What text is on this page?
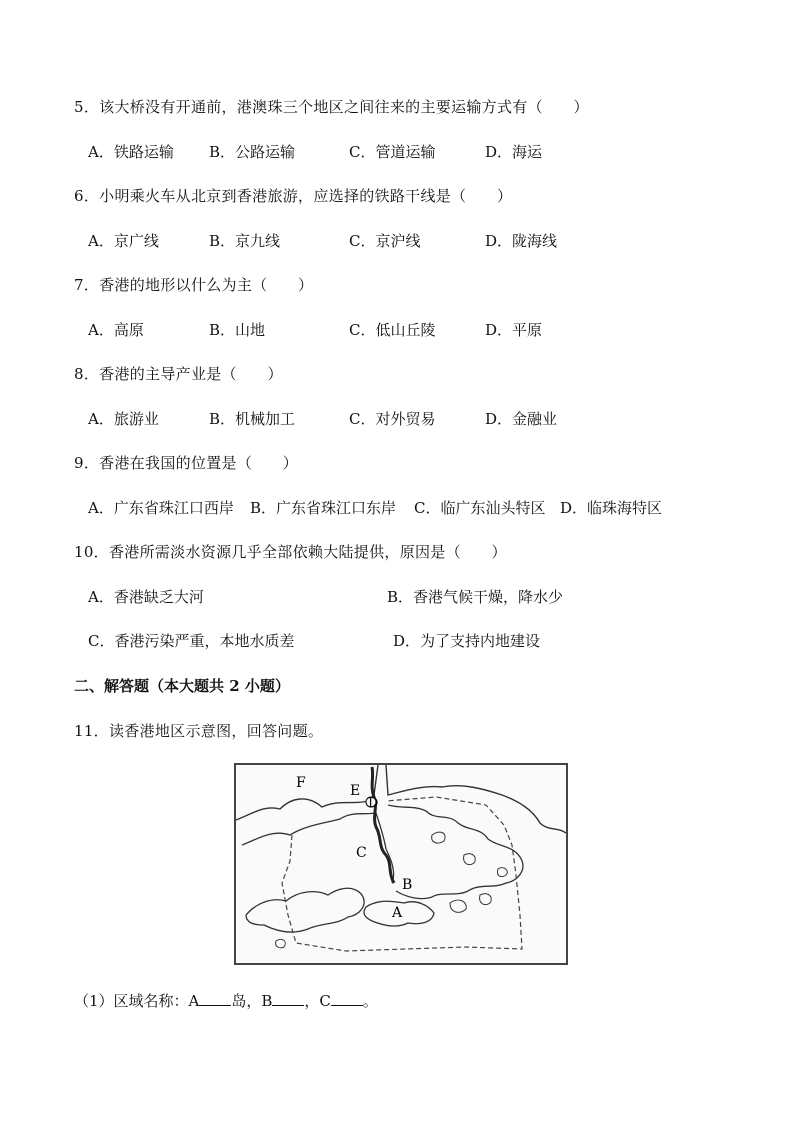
5．该大桥没有开通前，港澳珠三个地区之间往来的主要运输方式有（　　）
A．铁路运输 B．公路运输	C．管道运输	D．海运
6．小明乘火车从北京到香港旅游，应选择的铁路干线是（　　）
A．京广线	B．京九线	C．京沪线	D．陇海线
7．香港的地形以什么为主（　　）
A．高原	B．山地	C．低山丘陵	D．平原
8．香港的主导产业是（　　）
A．旅游业	B．机械加工	C．对外贸易	D．金融业
9．香港在我国的位置是（　　）
A．广东省珠江口西岸 B．广东省珠江口东岸 C．临广东汕头特区 D．临珠海特区
10．香港所需淡水资源几乎全部依赖大陆提供，原因是（　　）
A．香港缺乏大河	B．香港气候干燥，降水少
C．香港污染严重，本地水质差	D．为了支持内地建设
二、解答题（本大题共 2 小题）
11．读香港地区示意图，回答问题。
F	E
D
C
B
A
（1）区域名称：A 岛，B ，C 。
